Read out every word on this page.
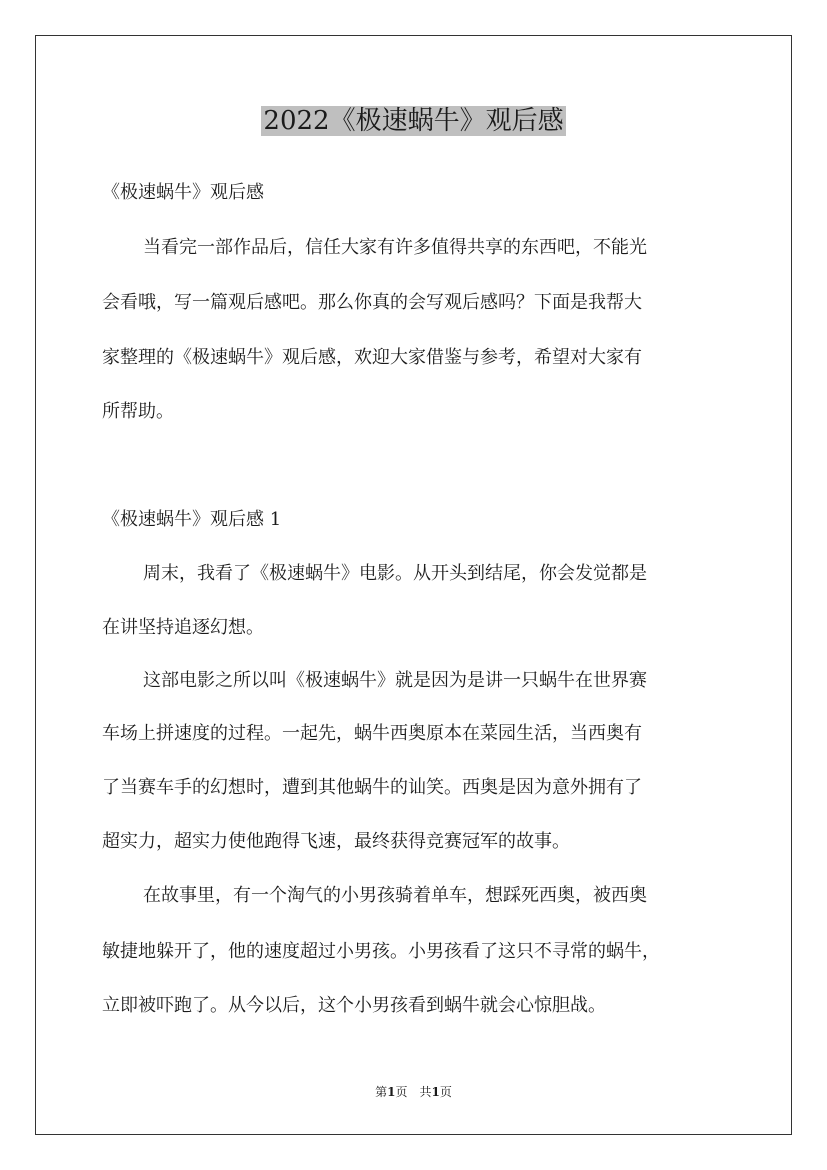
2022《极速蜗牛》观后感
《极速蜗牛》观后感
当看完一部作品后，信任大家有许多值得共享的东西吧，不能光
会看哦，写一篇观后感吧。那么你真的会写观后感吗？下面是我帮大
家整理的《极速蜗牛》观后感，欢迎大家借鉴与参考，希望对大家有
所帮助。
《极速蜗牛》观后感 1
周末，我看了《极速蜗牛》电影。从开头到结尾，你会发觉都是
在讲坚持追逐幻想。
这部电影之所以叫《极速蜗牛》就是因为是讲一只蜗牛在世界赛
车场上拼速度的过程。一起先，蜗牛西奥原本在菜园生活，当西奥有
了当赛车手的幻想时，遭到其他蜗牛的讪笑。西奥是因为意外拥有了
超实力，超实力使他跑得飞速，最终获得竞赛冠军的故事。
在故事里，有一个淘气的小男孩骑着单车，想踩死西奥，被西奥
敏捷地躲开了，他的速度超过小男孩。小男孩看了这只不寻常的蜗牛，
立即被吓跑了。从今以后，这个小男孩看到蜗牛就会心惊胆战。
第1页　共1页
